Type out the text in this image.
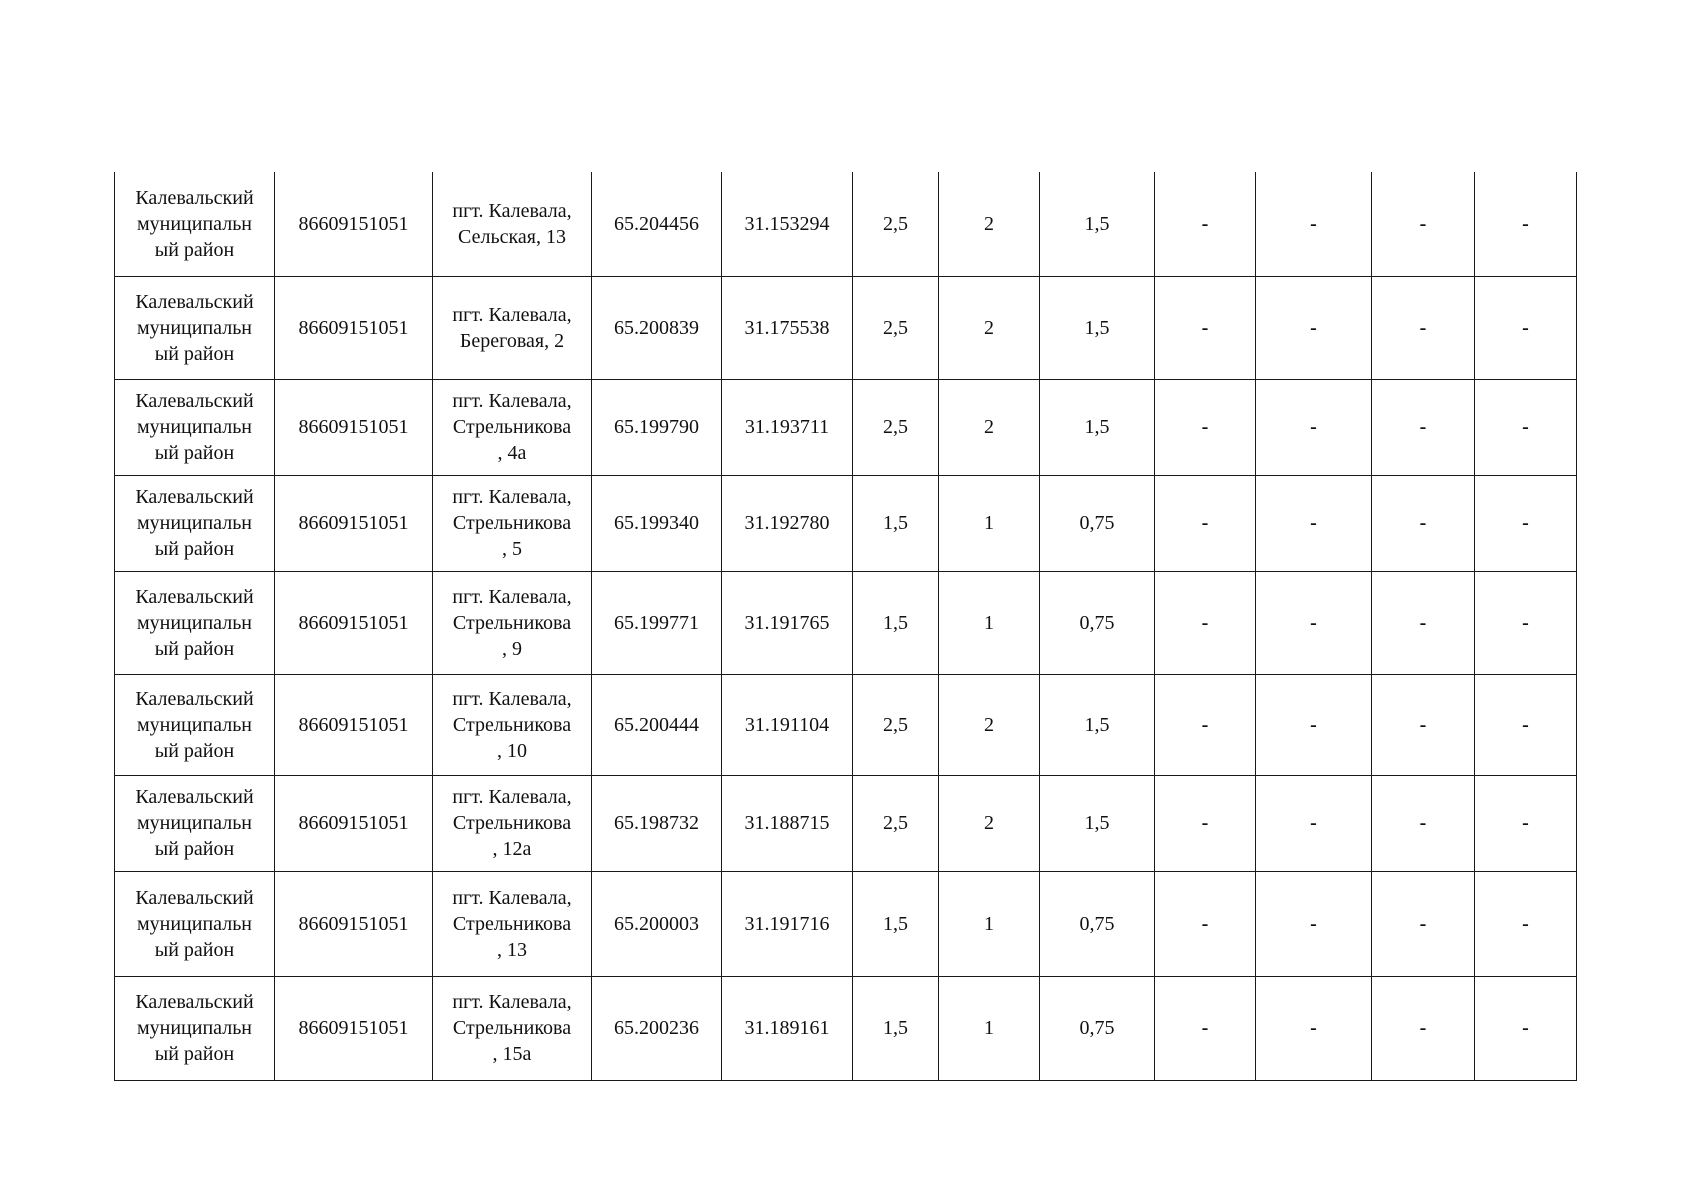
Калевальский
муниципальн
ый район	86609151051	пгт. Калевала,
Сельская, 13	65.204456	31.153294	2,5	2	1,5	-	-	-	-
Калевальский
муниципальн
ый район	86609151051	пгт. Калевала,
Береговая, 2	65.200839	31.175538	2,5	2	1,5	-	-	-	-
Калевальский
муниципальн
ый район	86609151051	пгт. Калевала,
Стрельникова
, 4а	65.199790	31.193711	2,5	2	1,5	-	-	-	-
Калевальский
муниципальн
ый район	86609151051	пгт. Калевала,
Стрельникова
, 5	65.199340	31.192780	1,5	1	0,75	-	-	-	-
Калевальский
муниципальн
ый район	86609151051	пгт. Калевала,
Стрельникова
, 9	65.199771	31.191765	1,5	1	0,75	-	-	-	-
Калевальский
муниципальн
ый район	86609151051	пгт. Калевала,
Стрельникова
, 10	65.200444	31.191104	2,5	2	1,5	-	-	-	-
Калевальский
муниципальн
ый район	86609151051	пгт. Калевала,
Стрельникова
, 12а	65.198732	31.188715	2,5	2	1,5	-	-	-	-
Калевальский
муниципальн
ый район	86609151051	пгт. Калевала,
Стрельникова
, 13	65.200003	31.191716	1,5	1	0,75	-	-	-	-
Калевальский
муниципальн
ый район	86609151051	пгт. Калевала,
Стрельникова
, 15а	65.200236	31.189161	1,5	1	0,75	-	-	-	-
